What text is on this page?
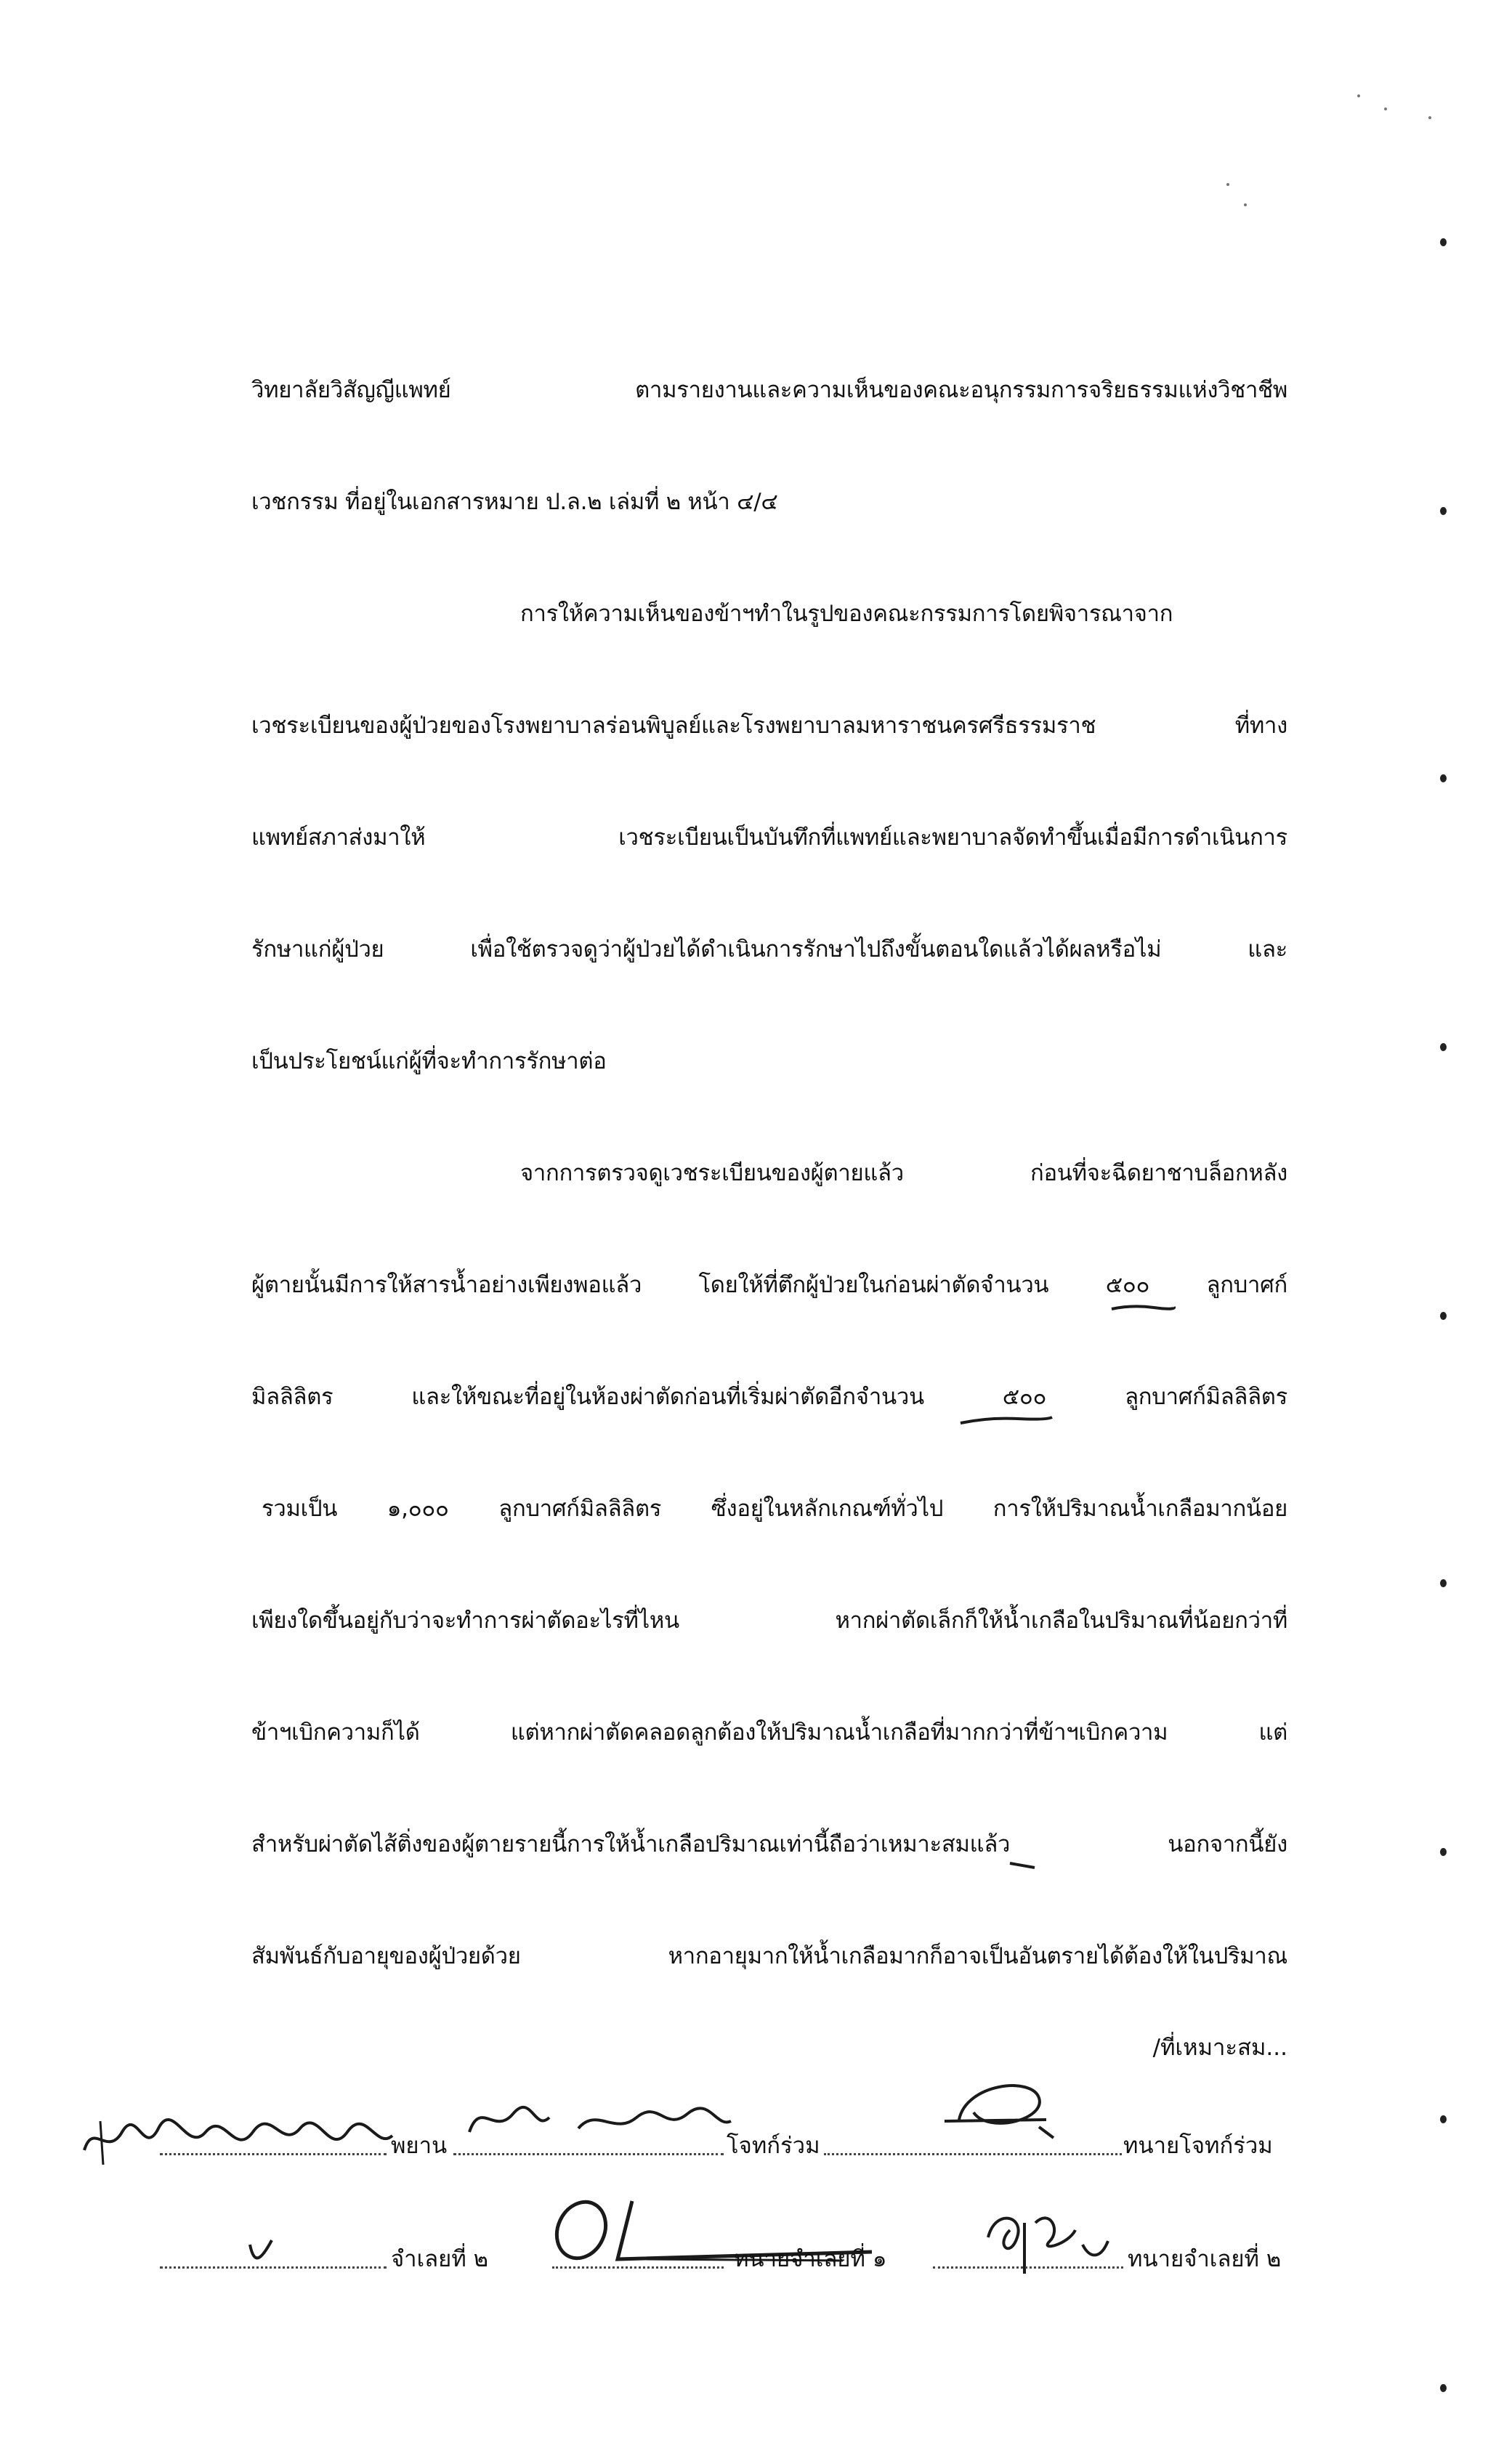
วิทยาลัยวิสัญญีแพทย์ ตามรายงานและความเห็นของคณะอนุกรรมการจริยธรรมแห่งวิชาชีพ
เวชกรรม ที่อยู่ในเอกสารหมาย ป.ล.๒ เล่มที่ ๒ หน้า ๔/๔
การให้ความเห็นของข้าฯทำในรูปของคณะกรรมการโดยพิจารณาจาก
เวชระเบียนของผู้ป่วยของโรงพยาบาลร่อนพิบูลย์และโรงพยาบาลมหาราชนครศรีธรรมราช ที่ทาง
แพทย์สภาส่งมาให้ เวชระเบียนเป็นบันทึกที่แพทย์และพยาบาลจัดทำขึ้นเมื่อมีการดำเนินการ
รักษาแก่ผู้ป่วย เพื่อใช้ตรวจดูว่าผู้ป่วยได้ดำเนินการรักษาไปถึงขั้นตอนใดแล้วได้ผลหรือไม่ และ
เป็นประโยชน์แก่ผู้ที่จะทำการรักษาต่อ
จากการตรวจดูเวชระเบียนของผู้ตายแล้ว ก่อนที่จะฉีดยาชาบล็อกหลัง
ผู้ตายนั้นมีการให้สารน้ำอย่างเพียงพอแล้ว โดยให้ที่ตึกผู้ป่วยในก่อนผ่าตัดจำนวน ๕๐๐ ลูกบาศก์
มิลลิลิตร และให้ขณะที่อยู่ในห้องผ่าตัดก่อนที่เริ่มผ่าตัดอีกจำนวน ๕๐๐ ลูกบาศก์มิลลิลิตร
รวมเป็น ๑,๐๐๐ ลูกบาศก์มิลลิลิตร ซึ่งอยู่ในหลักเกณฑ์ทั่วไป การให้ปริมาณน้ำเกลือมากน้อย
เพียงใดขึ้นอยู่กับว่าจะทำการผ่าตัดอะไรที่ไหน หากผ่าตัดเล็กก็ให้น้ำเกลือในปริมาณที่น้อยกว่าที่
ข้าฯเบิกความก็ได้ แต่หากผ่าตัดคลอดลูกต้องให้ปริมาณน้ำเกลือที่มากกว่าที่ข้าฯเบิกความ แต่
สำหรับผ่าตัดไส้ติ่งของผู้ตายรายนี้การให้น้ำเกลือปริมาณเท่านี้ถือว่าเหมาะสมแล้ว นอกจากนี้ยัง
สัมพันธ์กับอายุของผู้ป่วยด้วย หากอายุมากให้น้ำเกลือมากก็อาจเป็นอันตรายได้ต้องให้ในปริมาณ
/ที่เหมาะสม...
พยาน	โจทก์ร่วม	ทนายโจทก์ร่วม
จำเลยที่ ๒	ทนายจำเลยที่ ๑	ทนายจำเลยที่ ๒
